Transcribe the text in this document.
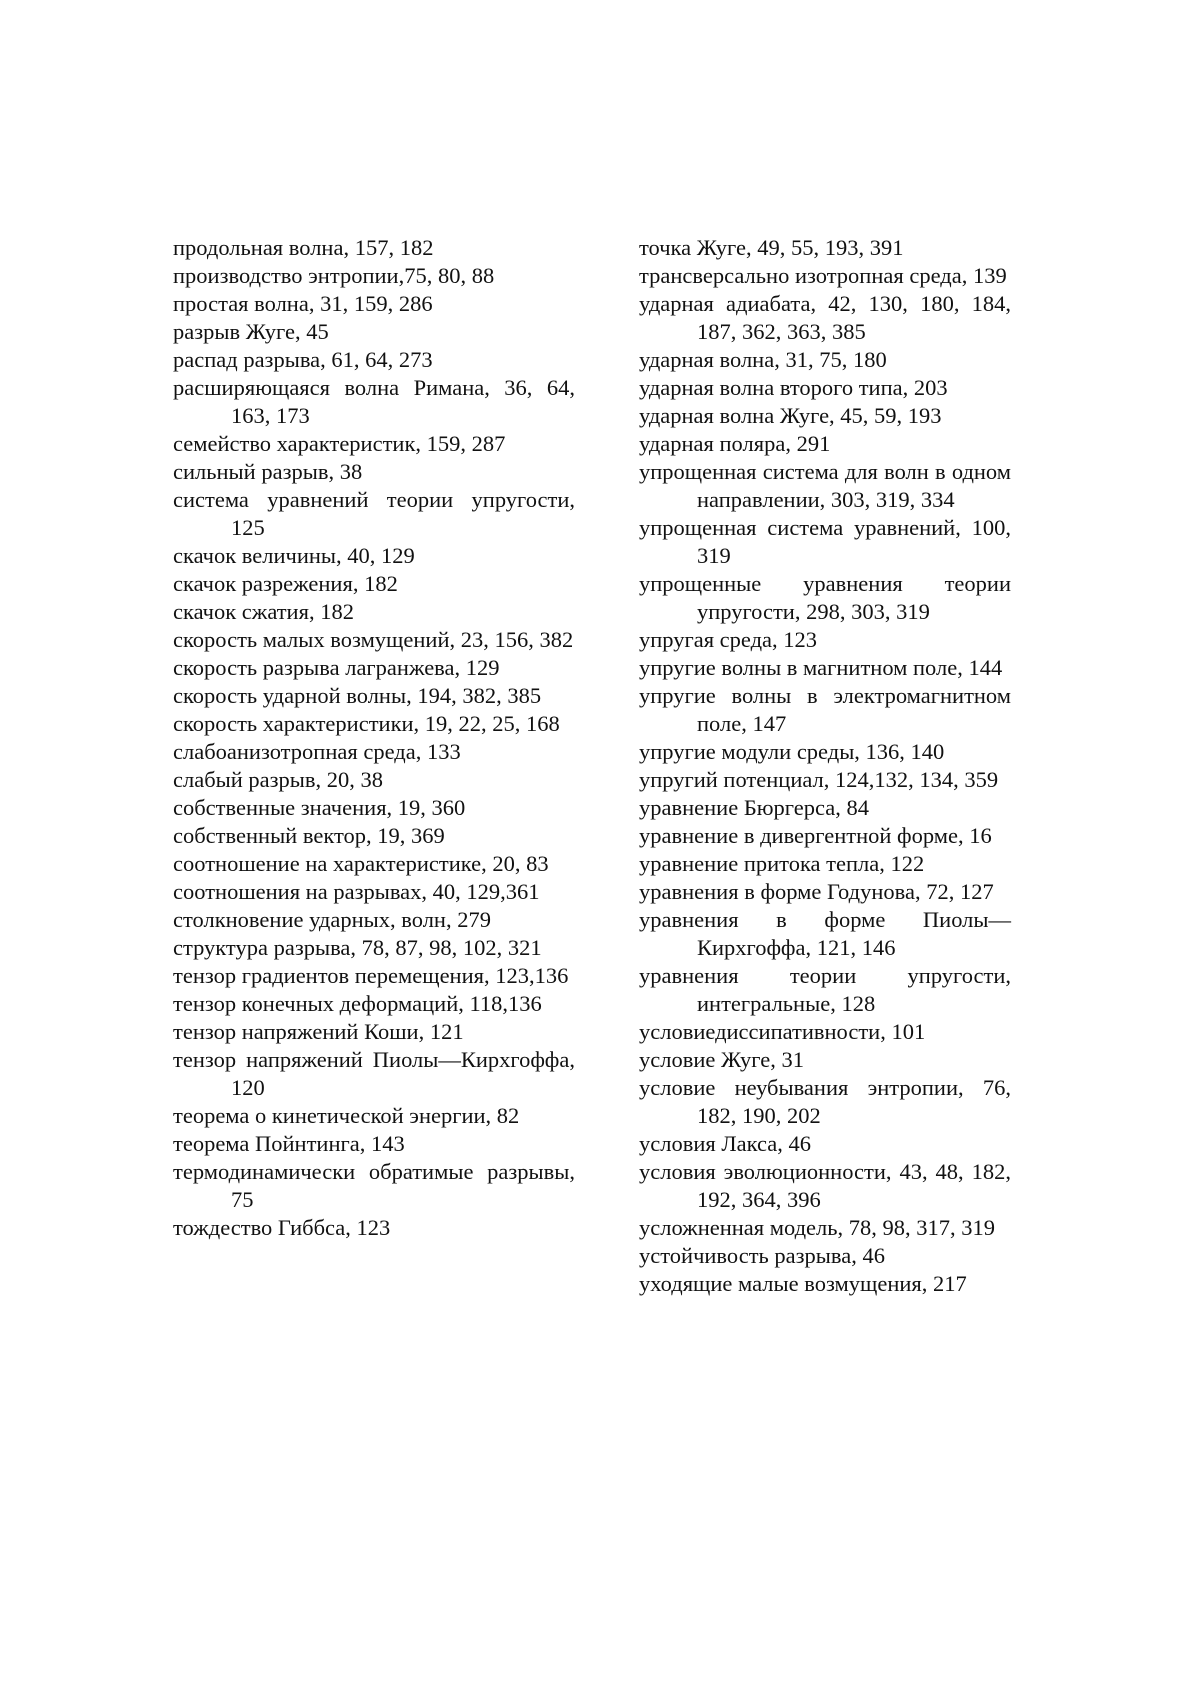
продольная волна, 157, 182

производство энтропии,75, 80, 88

простая волна, 31, 159, 286

разрыв Жуге, 45

распад разрыва, 61, 64, 273

расширяющаяся волна Римана, 36, 64, 163, 173

семейство характеристик, 159, 287

сильный разрыв, 38

система уравнений теории упругости, 125

скачок величины, 40, 129

скачок разрежения, 182

скачок сжатия, 182

скорость малых возмущений, 23, 156, 382

скорость разрыва лагранжева, 129

скорость ударной волны, 194, 382, 385

скорость характеристики, 19, 22, 25, 168

слабоанизотропная среда, 133

слабый разрыв, 20, 38

собственные значения, 19, 360

собственный вектор, 19, 369

соотношение на характеристике, 20, 83

соотношения на разрывах, 40, 129,361

столкновение ударных, волн, 279

структура разрыва, 78, 87, 98, 102, 321

тензор градиентов перемещения, 123,136

тензор конечных деформаций, 118,136

тензор напряжений Коши, 121

тензор напряжений Пиолы—Кирхгоффа, 120

теорема о кинетической энергии, 82

теорема Пойнтинга, 143

термодинамически обратимые разрывы, 75

тождество Гиббса, 123

точка Жуге, 49, 55, 193, 391

трансверсально изотропная среда, 139

ударная адиабата, 42, 130, 180, 184, 187, 362, 363, 385

ударная волна, 31, 75, 180

ударная волна второго типа, 203

ударная волна Жуге, 45, 59, 193

ударная поляра, 291

упрощенная система для волн в одном направлении, 303, 319, 334

упрощенная система уравнений, 100, 319

упрощенные уравнения теории упругости, 298, 303, 319

упругая среда, 123

упругие волны в магнитном поле, 144

упругие волны в электромагнитном поле, 147

упругие модули среды, 136, 140

упругий потенциал, 124,132, 134, 359

уравнение Бюргерса, 84

уравнение в дивергентной форме, 16

уравнение притока тепла, 122

уравнения в форме Годунова, 72, 127

уравнения в форме Пиолы—Кирхгоффа, 121, 146

уравнения теории упругости, интегральные, 128

условиедиссипативности, 101

условие Жуге, 31

условие неубывания энтропии, 76, 182, 190, 202

условия Лакса, 46

условия эволюционности, 43, 48, 182, 192, 364, 396

усложненная модель, 78, 98, 317, 319

устойчивость разрыва, 46

уходящие малые возмущения, 217
